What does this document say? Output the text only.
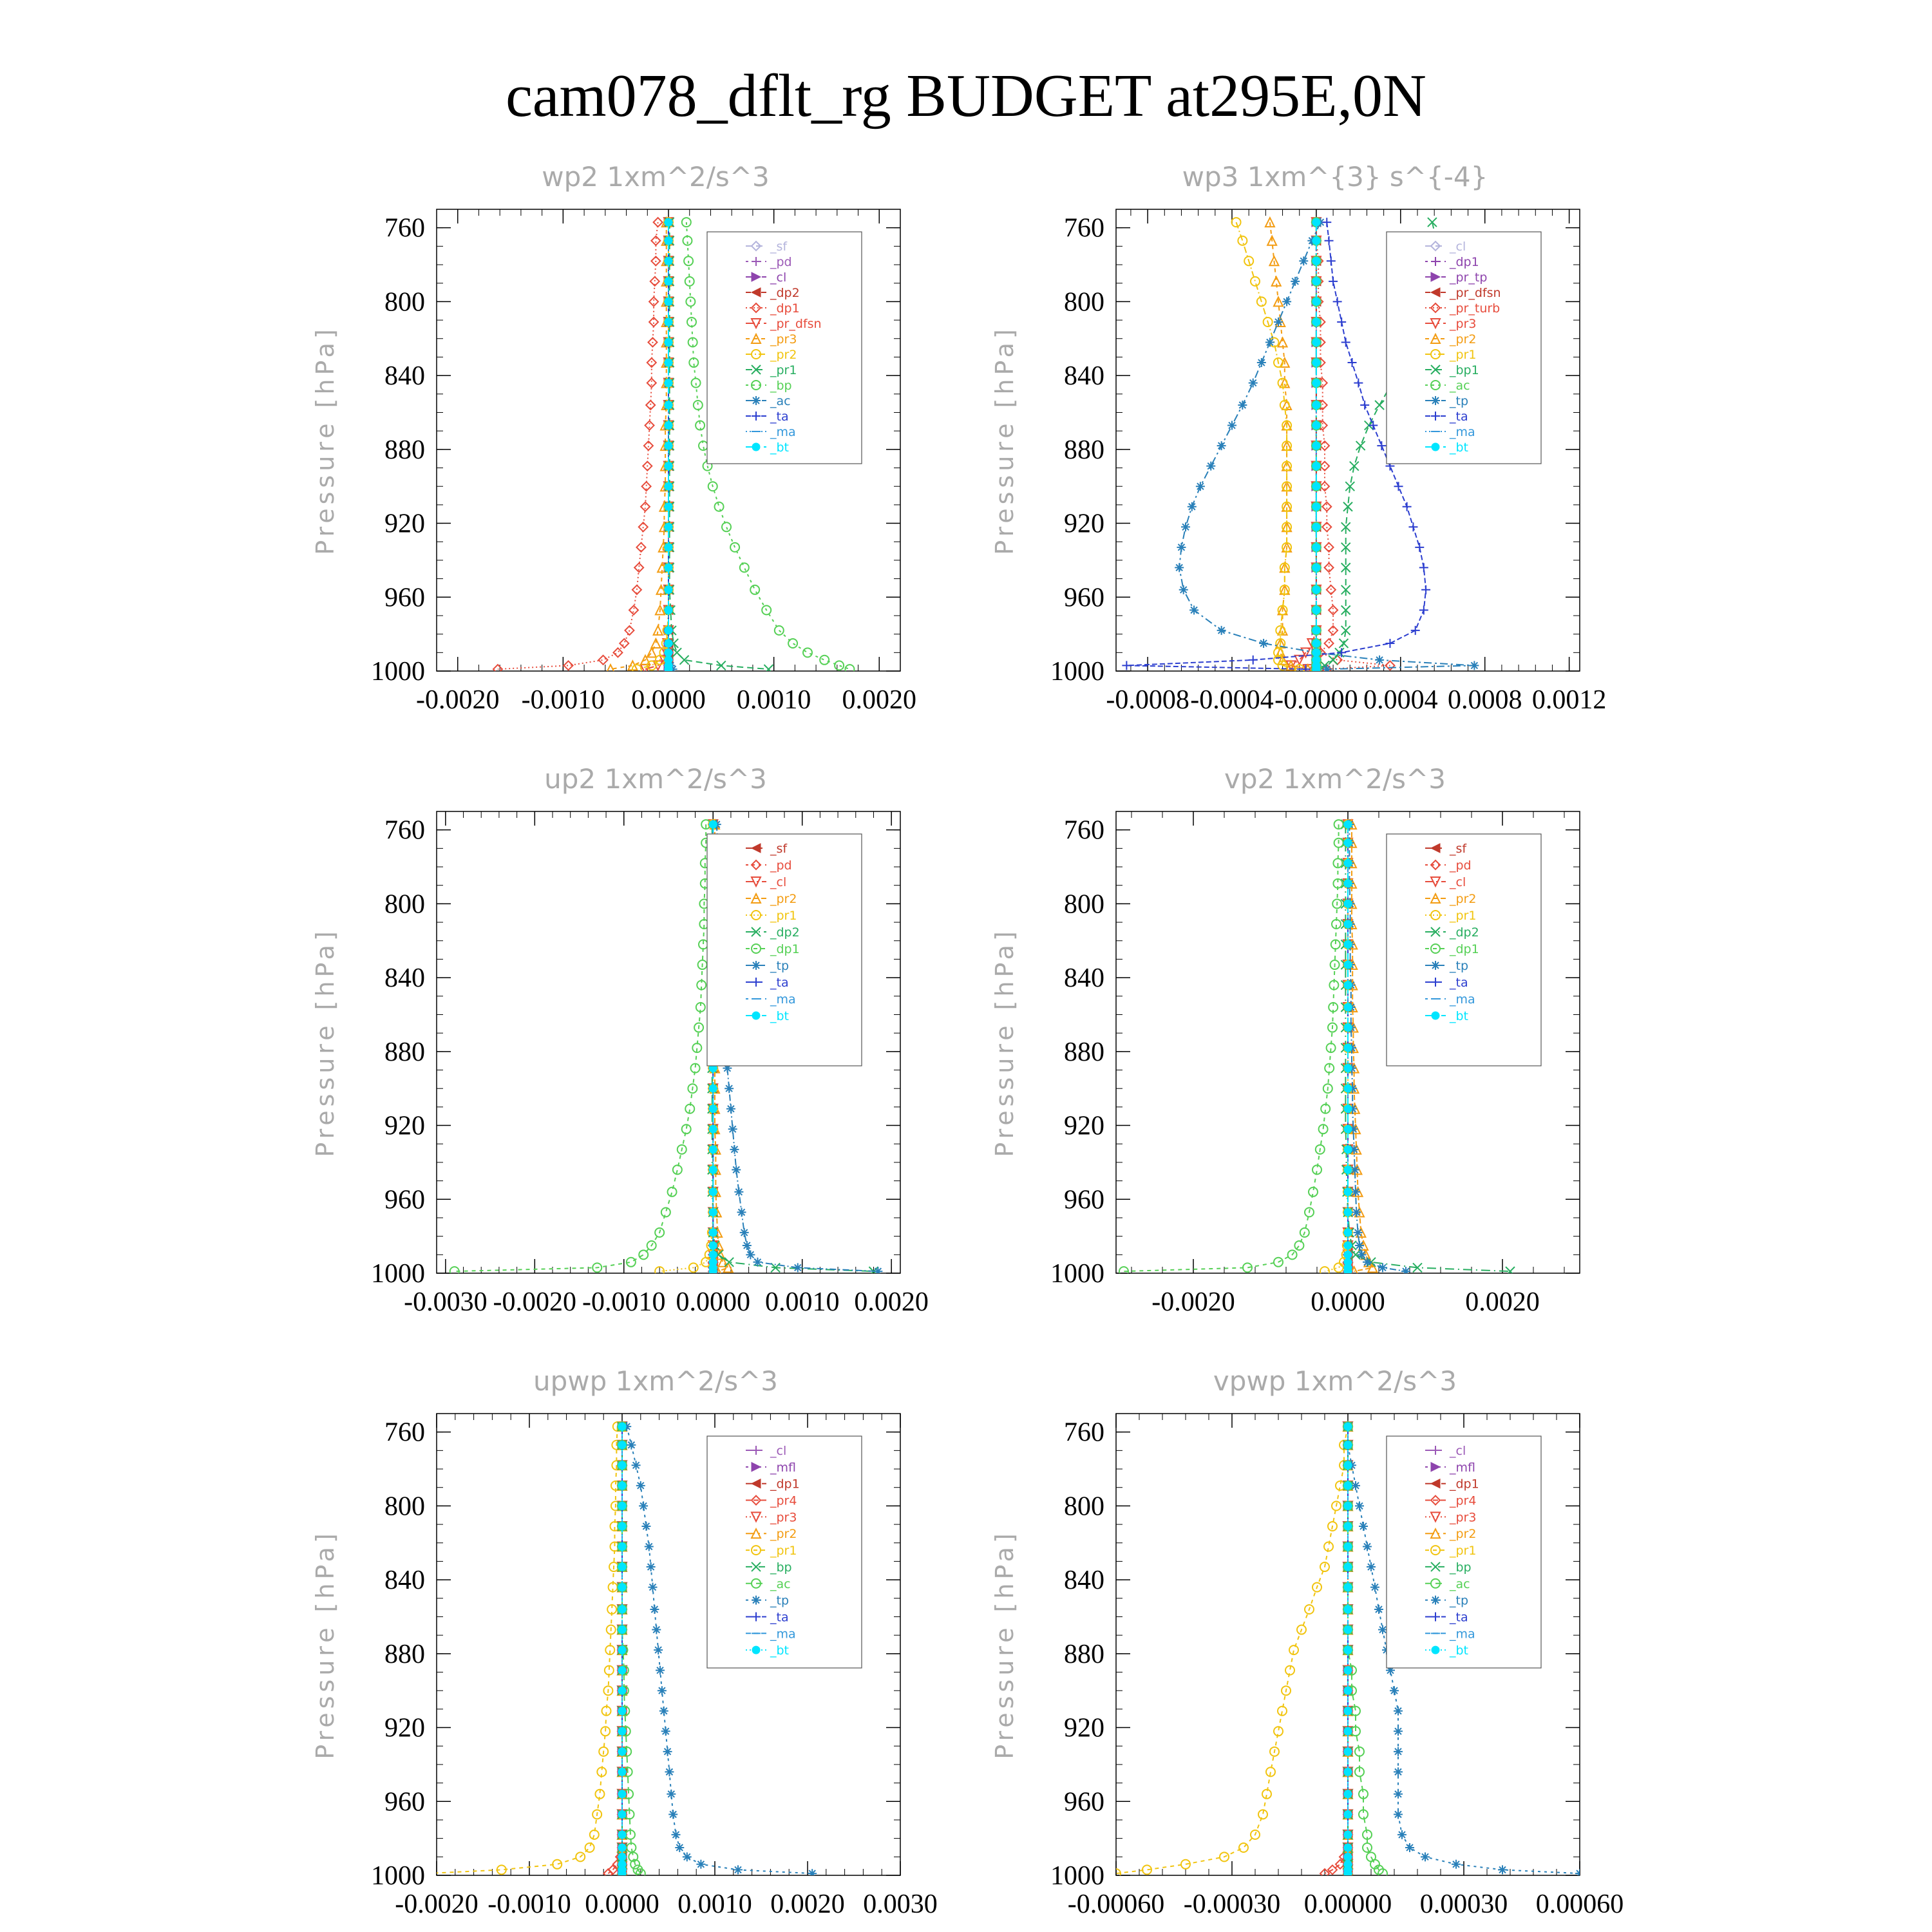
cam078_dflt_rg BUDGET at295E,0N
wp2 1xm^2/s^3
Pressure [hPa]
760
800
840
880
920
960
1000
-0.0020 -0.0010 0.0000 0.0010 0.0020
_sf
_pd
_cl
_dp2
_dp1
_pr_dfsn
_pr3
_pr2
_pr1
_bp
_ac
_ta
_ma
_bt
wp3 1xm^{3} s^{-4}
Pressure [hPa]
760
800
840
880
920
960
1000
-0.0008 -0.0004 -0.0000 0.0004 0.0008 0.0012
_cl
_dp1
_pr_tp
_pr_dfsn
_pr_turb
_pr3
_pr2
_pr1
_bp1
_ac
_tp
_ta
_ma
_bt
up2 1xm^2/s^3
Pressure [hPa]
760
800
840
880
920
960
1000
-0.0030 -0.0020 -0.0010 0.0000 0.0010 0.0020
_sf
_pd
_cl
_pr2
_pr1
_dp2
_dp1
_tp
_ta
_ma
_bt
vp2 1xm^2/s^3
Pressure [hPa]
760
800
840
880
920
960
1000
-0.0020	0.0000	0.0020
_sf
_pd
_cl
_pr2
_pr1
_dp2
_dp1
_tp
_ta
_ma
_bt
upwp 1xm^2/s^3
Pressure [hPa]
760
800
840
880
920
960
1000
-0.0020 -0.0010 0.0000 0.0010 0.0020 0.0030
_cl
_mfl
_dp1
_pr4
_pr3
_pr2
_pr1
_bp
_ac
_tp
_ta
_ma
_bt
vpwp 1xm^2/s^3
Pressure [hPa]
760
800
840
880
920
960
1000
-0.00060 -0.00030 0.00000 0.00030 0.00060
_cl
_mfl
_dp1
_pr4
_pr3
_pr2
_pr1
_bp
_ac
_tp
_ta
_ma
_bt
